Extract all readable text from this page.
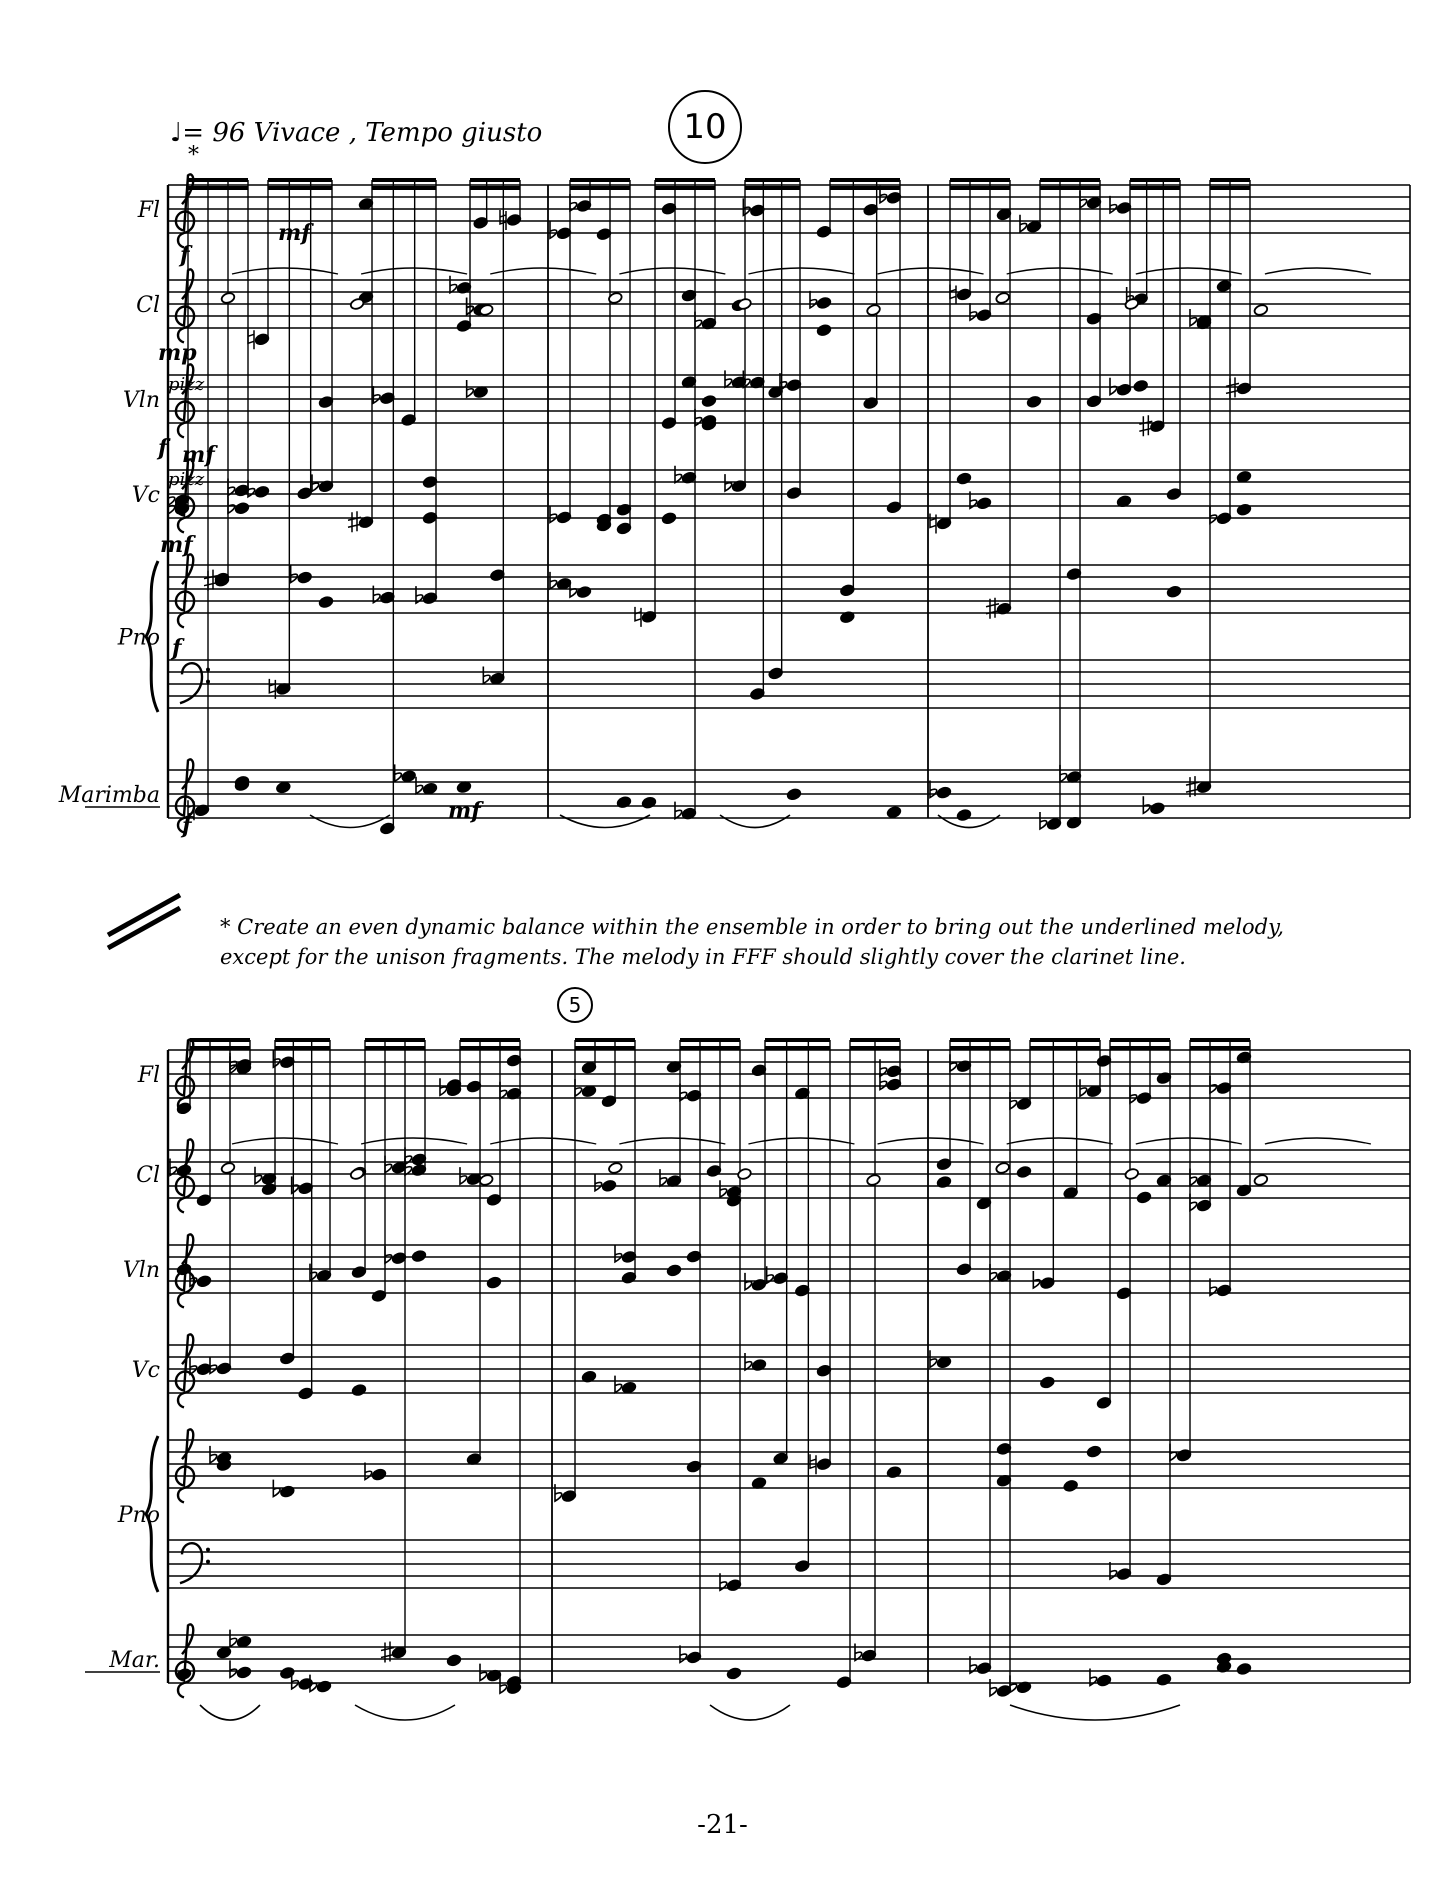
♩= 96 Vivace , Tempo giusto	10
Fl
Cl
Vln
Vc
Pno
Marimba
f
mf
mp
f
mf
mf
f
f
mf
pizz
pizz
Fl
Cl
Vln
Vc
Pno
Mar.
*
5
* Create an even dynamic balance within the ensemble in order to bring out the underlined melody,
except for the unison fragments. The melody in FFF should slightly cover the clarinet line.
-21-
